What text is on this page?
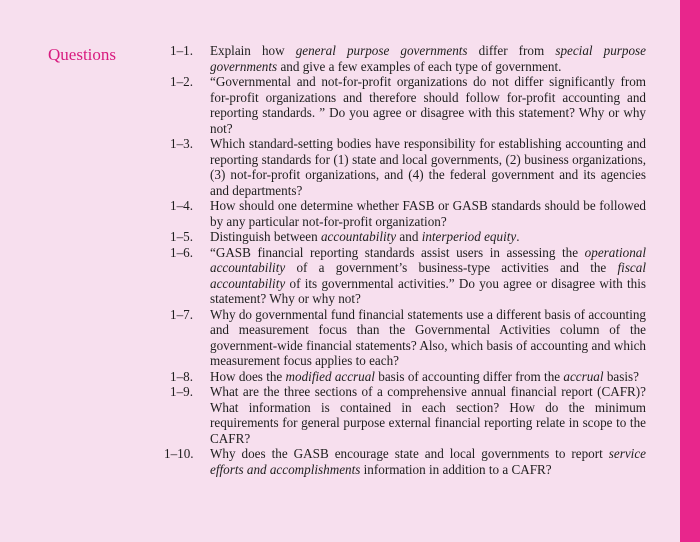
Questions	1–1. Explain how general purpose governments differ from special purpose governments and give a few examples of each type of government.
1–2. “Governmental and not-for-profit organizations do not differ significantly from for-profit organizations and therefore should follow for-profit accounting and reporting standards. ” Do you agree or disagree with this statement? Why or why not?
1–3. Which standard-setting bodies have responsibility for establishing accounting and reporting standards for (1) state and local governments, (2) business organizations, (3) not-for-profit organizations, and (4) the federal government and its agencies and departments?
1–4. How should one determine whether FASB or GASB standards should be followed by any particular not-for-profit organization?
1–5. Distinguish between accountability and interperiod equity.
1–6. “GASB financial reporting standards assist users in assessing the operational accountability of a government’s business-type activities and the fiscal accountability of its governmental activities.” Do you agree or disagree with this statement? Why or why not?
1–7. Why do governmental fund financial statements use a different basis of accounting and measurement focus than the Governmental Activities column of the government-wide financial statements? Also, which basis of accounting and which measurement focus applies to each?
1–8. How does the modified accrual basis of accounting differ from the accrual basis?
1–9. What are the three sections of a comprehensive annual financial report (CAFR)? What information is contained in each section? How do the minimum requirements for general purpose external financial reporting relate in scope to the CAFR?
1–10. Why does the GASB encourage state and local governments to report service efforts and accomplishments information in addition to a CAFR?
